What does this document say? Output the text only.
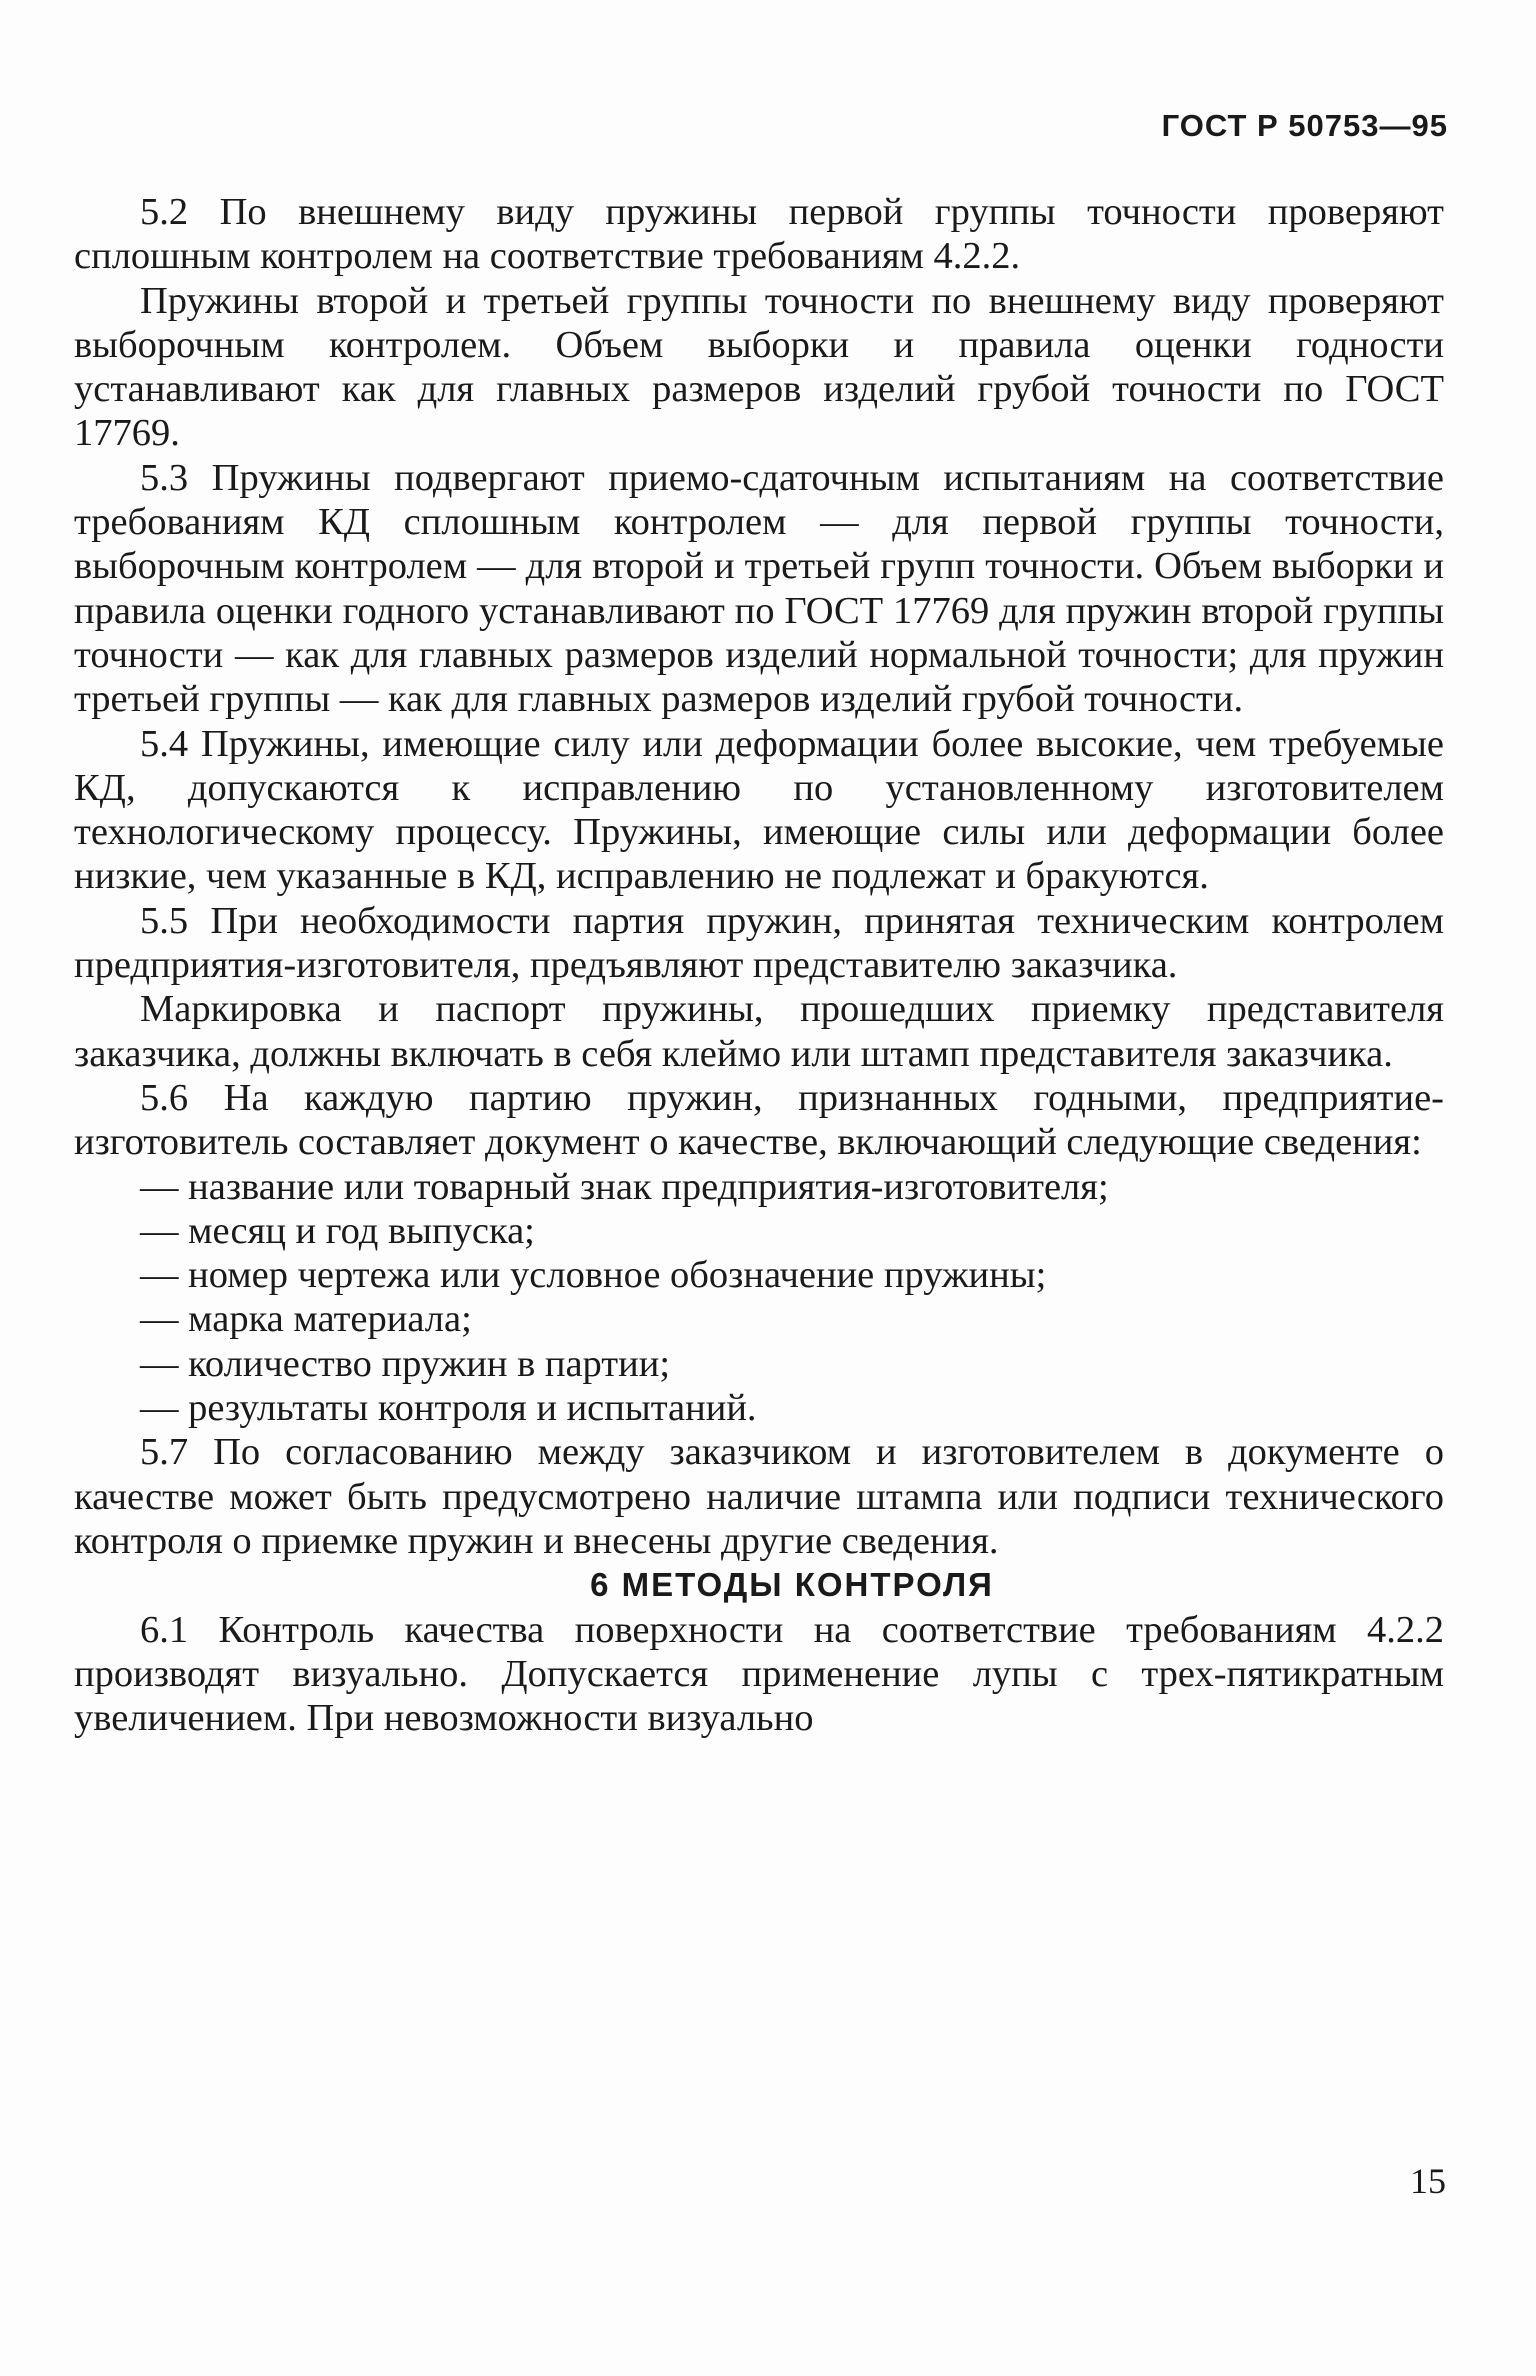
ГОСТ Р 50753—95

5.2 По внешнему виду пружины первой группы точности проверяют сплошным контролем на соответствие требованиям 4.2.2.

Пружины второй и третьей группы точности по внешнему виду проверяют выборочным контролем. Объем выборки и правила оценки годности устанавливают как для главных размеров изделий грубой точности по ГОСТ 17769.

5.3 Пружины подвергают приемо-сдаточным испытаниям на соответствие требованиям КД сплошным контролем — для первой группы точности, выборочным контролем — для второй и третьей групп точности. Объем выборки и правила оценки годного устанавливают по ГОСТ 17769 для пружин второй группы точности — как для главных размеров изделий нормальной точности; для пружин третьей группы — как для главных размеров изделий грубой точности.

5.4 Пружины, имеющие силу или деформации более высокие, чем требуемые КД, допускаются к исправлению по установленному изготовителем технологическому процессу. Пружины, имеющие силы или деформации более низкие, чем указанные в КД, исправлению не подлежат и бракуются.

5.5 При необходимости партия пружин, принятая техническим контролем предприятия-изготовителя, предъявляют представителю заказчика.

Маркировка и паспорт пружины, прошедших приемку представителя заказчика, должны включать в себя клеймо или штамп представителя заказчика.

5.6 На каждую партию пружин, признанных годными, предприятие-изготовитель составляет документ о качестве, включающий следующие сведения:

— название или товарный знак предприятия-изготовителя;

— месяц и год выпуска;

— номер чертежа или условное обозначение пружины;

— марка материала;

— количество пружин в партии;

— результаты контроля и испытаний.

5.7 По согласованию между заказчиком и изготовителем в документе о качестве может быть предусмотрено наличие штампа или подписи технического контроля о приемке пружин и внесены другие сведения.

6 МЕТОДЫ КОНТРОЛЯ

6.1 Контроль качества поверхности на соответствие требованиям 4.2.2 производят визуально. Допускается применение лупы с трех-пятикратным увеличением. При невозможности визуально

15
